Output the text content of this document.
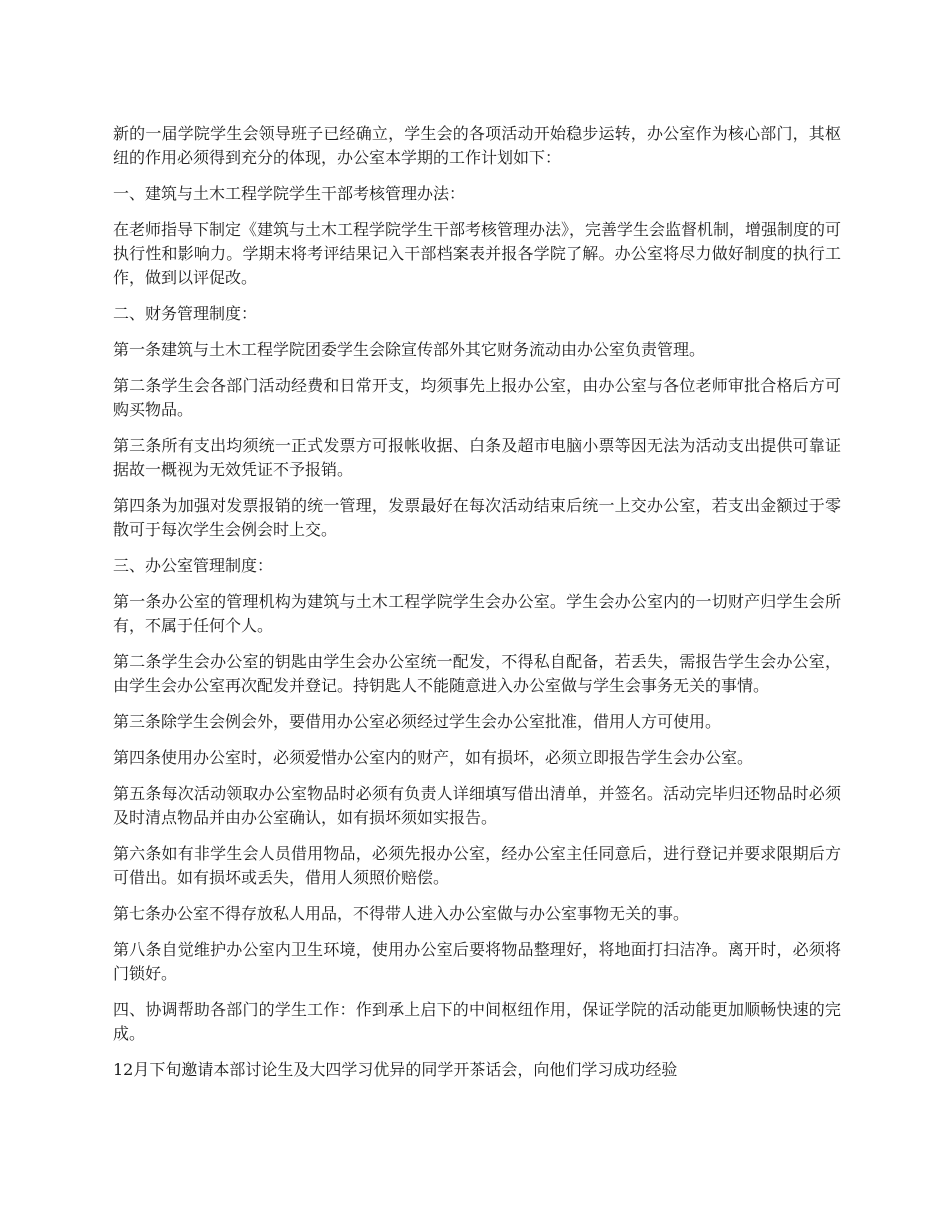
新的一届学院学生会领导班子已经确立，学生会的各项活动开始稳步运转，办公室作为核心部门，其枢纽的作用必须得到充分的体现，办公室本学期的工作计划如下：

一、建筑与土木工程学院学生干部考核管理办法：

在老师指导下制定《建筑与土木工程学院学生干部考核管理办法》，完善学生会监督机制，增强制度的可执行性和影响力。学期末将考评结果记入干部档案表并报各学院了解。办公室将尽力做好制度的执行工作，做到以评促改。

二、财务管理制度：

第一条建筑与土木工程学院团委学生会除宣传部外其它财务流动由办公室负责管理。

第二条学生会各部门活动经费和日常开支，均须事先上报办公室，由办公室与各位老师审批合格后方可购买物品。

第三条所有支出均须统一正式发票方可报帐收据、白条及超市电脑小票等因无法为活动支出提供可靠证据故一概视为无效凭证不予报销。

第四条为加强对发票报销的统一管理，发票最好在每次活动结束后统一上交办公室，若支出金额过于零散可于每次学生会例会时上交。

三、办公室管理制度：

第一条办公室的管理机构为建筑与土木工程学院学生会办公室。学生会办公室内的一切财产归学生会所有，不属于任何个人。

第二条学生会办公室的钥匙由学生会办公室统一配发，不得私自配备，若丢失，需报告学生会办公室，由学生会办公室再次配发并登记。持钥匙人不能随意进入办公室做与学生会事务无关的事情。

第三条除学生会例会外，要借用办公室必须经过学生会办公室批准，借用人方可使用。

第四条使用办公室时，必须爱惜办公室内的财产，如有损坏，必须立即报告学生会办公室。

第五条每次活动领取办公室物品时必须有负责人详细填写借出清单，并签名。活动完毕归还物品时必须及时清点物品并由办公室确认，如有损坏须如实报告。

第六条如有非学生会人员借用物品，必须先报办公室，经办公室主任同意后，进行登记并要求限期后方可借出。如有损坏或丢失，借用人须照价赔偿。

第七条办公室不得存放私人用品，不得带人进入办公室做与办公室事物无关的事。

第八条自觉维护办公室内卫生环境，使用办公室后要将物品整理好，将地面打扫洁净。离开时，必须将门锁好。

四、协调帮助各部门的学生工作：作到承上启下的中间枢纽作用，保证学院的活动能更加顺畅快速的完成。

12月下旬邀请本部讨论生及大四学习优异的同学开茶话会，向他们学习成功经验
